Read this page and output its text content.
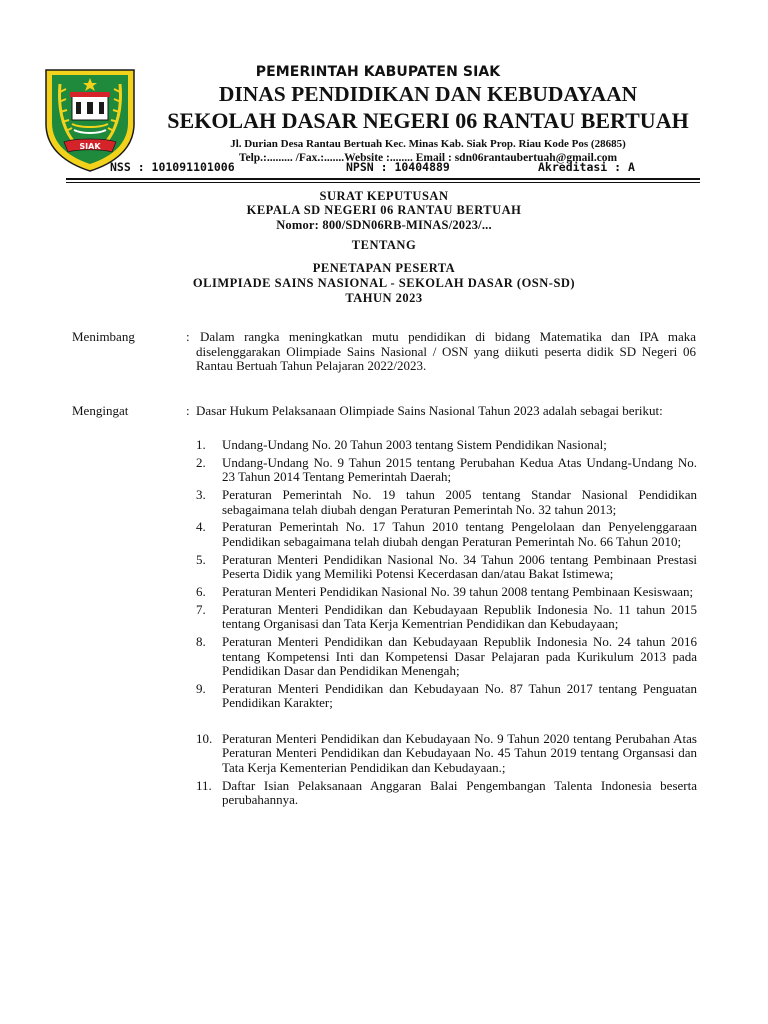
SIAK
PEMERINTAH KABUPATEN SIAK
DINAS PENDIDIKAN DAN KEBUDAYAAN
SEKOLAH DASAR NEGERI 06 RANTAU BERTUAH
Jl. Durian Desa Rantau Bertuah Kec. Minas Kab. Siak Prop. Riau Kode Pos (28685)
Telp.:......... /Fax.:.......Website :........ Email : sdn06rantaubertuah@gmail.com
NSS : 101091101006	NPSN : 10404889	Akreditasi : A
SURAT KEPUTUSAN
KEPALA SD NEGERI 06 RANTAU BERTUAH
Nomor: 800/SDN06RB-MINAS/2023/...
TENTANG
PENETAPAN PESERTA
OLIMPIADE SAINS NASIONAL - SEKOLAH DASAR (OSN-SD)
TAHUN 2023
Menimbang	: Dalam rangka meningkatkan mutu pendidikan di bidang Matematika dan IPA maka diselenggarakan Olimpiade Sains Nasional / OSN yang diikuti peserta didik SD Negeri 06 Rantau Bertuah Tahun Pelajaran 2022/2023.
Mengingat	: Dasar Hukum Pelaksanaan Olimpiade Sains Nasional Tahun 2023 adalah sebagai berikut:
1. Undang-Undang No. 20 Tahun 2003 tentang Sistem Pendidikan Nasional;
2. Undang-Undang No. 9 Tahun 2015 tentang Perubahan Kedua Atas Undang-Undang No. 23 Tahun 2014 Tentang Pemerintah Daerah;
3. Peraturan Pemerintah No. 19 tahun 2005 tentang Standar Nasional Pendidikan sebagaimana telah diubah dengan Peraturan Pemerintah No. 32 tahun 2013;
4. Peraturan Pemerintah No. 17 Tahun 2010 tentang Pengelolaan dan Penyelenggaraan Pendidikan sebagaimana telah diubah dengan Peraturan Pemerintah No. 66 Tahun 2010;
5. Peraturan Menteri Pendidikan Nasional No. 34 Tahun 2006 tentang Pembinaan Prestasi Peserta Didik yang Memiliki Potensi Kecerdasan dan/atau Bakat Istimewa;
6. Peraturan Menteri Pendidikan Nasional No. 39 tahun 2008 tentang Pembinaan Kesiswaan;
7. Peraturan Menteri Pendidikan dan Kebudayaan Republik Indonesia No. 11 tahun 2015 tentang Organisasi dan Tata Kerja Kementrian Pendidikan dan Kebudayaan;
8. Peraturan Menteri Pendidikan dan Kebudayaan Republik Indonesia No. 24 tahun 2016 tentang Kompetensi Inti dan Kompetensi Dasar Pelajaran pada Kurikulum 2013 pada Pendidikan Dasar dan Pendidikan Menengah;
9. Peraturan Menteri Pendidikan dan Kebudayaan No. 87 Tahun 2017 tentang Penguatan Pendidikan Karakter;
10. Peraturan Menteri Pendidikan dan Kebudayaan No. 9 Tahun 2020 tentang Perubahan Atas Peraturan Menteri Pendidikan dan Kebudayaan No. 45 Tahun 2019 tentang Organsasi dan Tata Kerja Kementerian Pendidikan dan Kebudayaan.;
11. Daftar Isian Pelaksanaan Anggaran Balai Pengembangan Talenta Indonesia beserta perubahannya.
